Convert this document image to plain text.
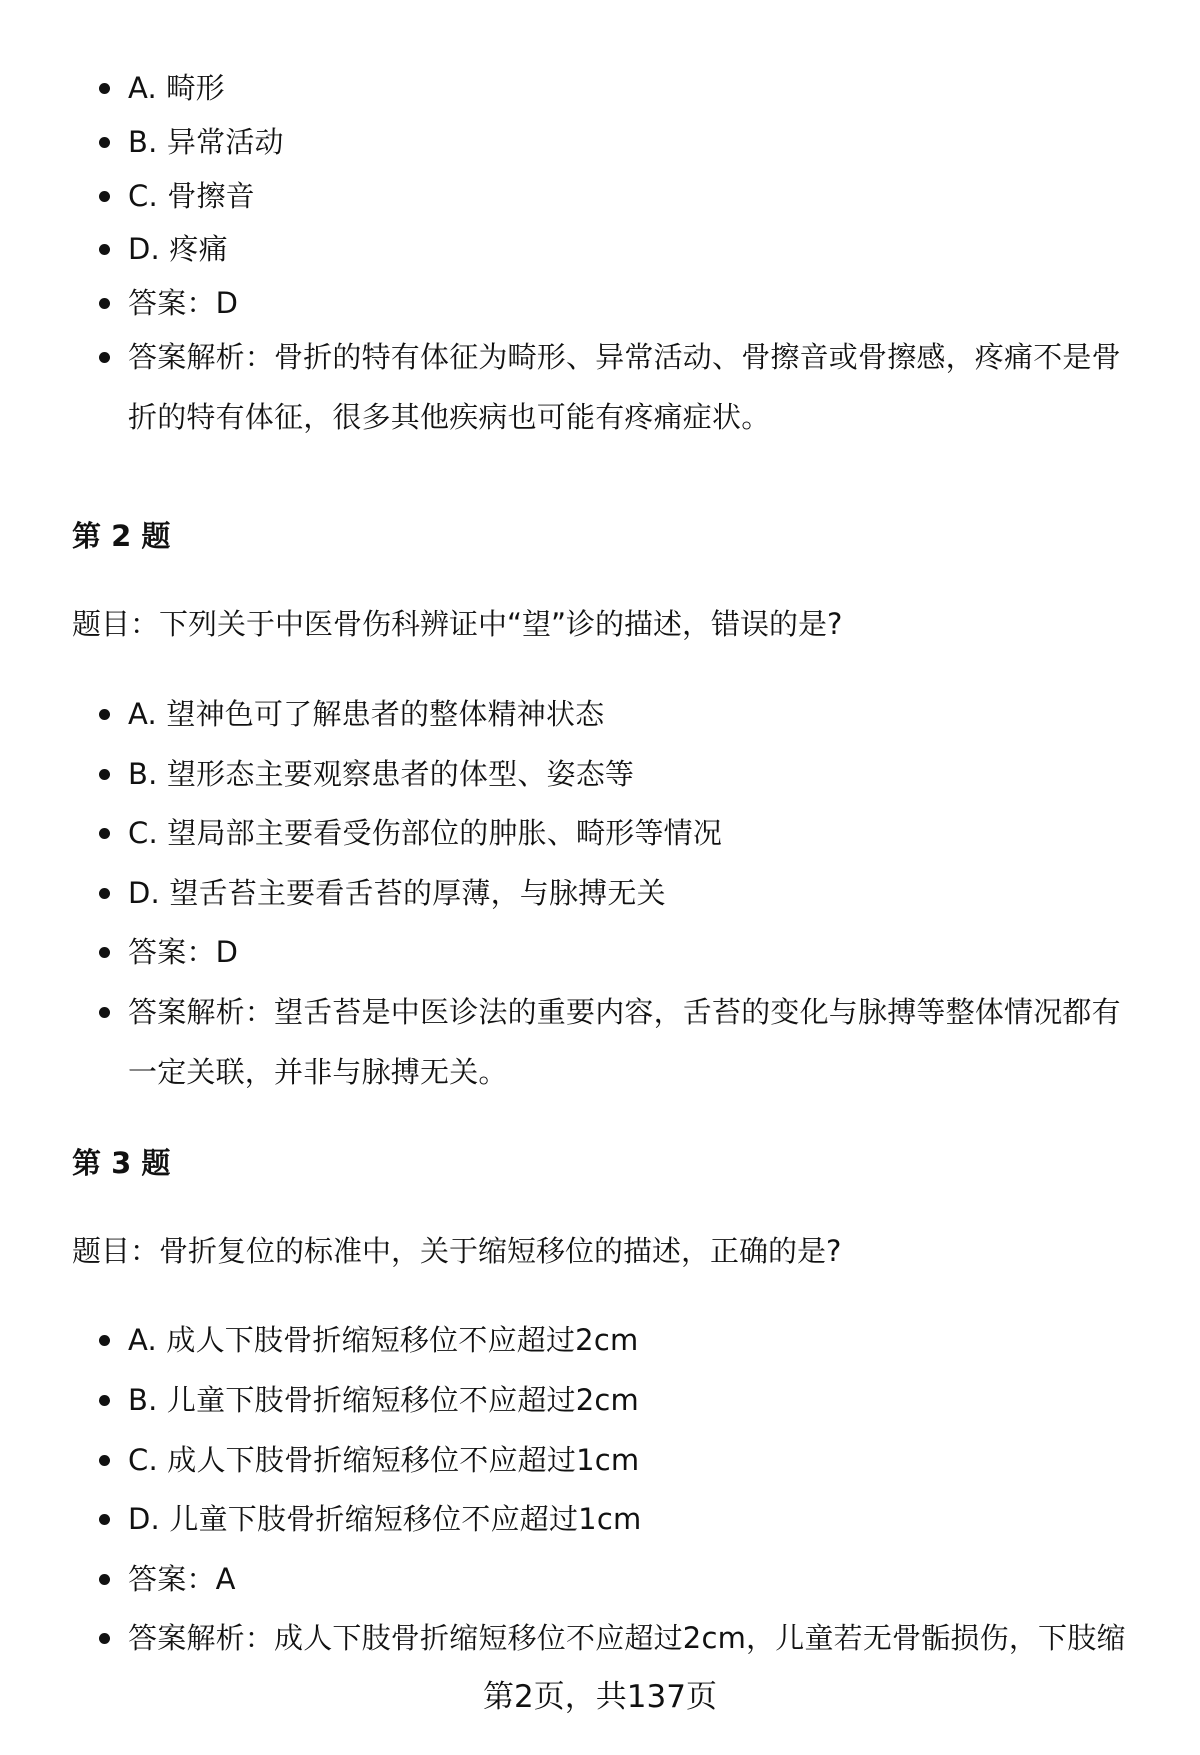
A. 畸形
B. 异常活动
C. 骨擦音
D. 疼痛
答案：D
答案解析：骨折的特有体征为畸形、异常活动、骨擦音或骨擦感，疼痛不是骨折的特有体征，很多其他疾病也可能有疼痛症状。
第 2 题
题目：下列关于中医骨伤科辨证中“望”诊的描述，错误的是?
A. 望神色可了解患者的整体精神状态
B. 望形态主要观察患者的体型、姿态等
C. 望局部主要看受伤部位的肿胀、畸形等情况
D. 望舌苔主要看舌苔的厚薄，与脉搏无关
答案：D
答案解析：望舌苔是中医诊法的重要内容，舌苔的变化与脉搏等整体情况都有一定关联，并非与脉搏无关。
第 3 题
题目：骨折复位的标准中，关于缩短移位的描述，正确的是?
A. 成人下肢骨折缩短移位不应超过2cm
B. 儿童下肢骨折缩短移位不应超过2cm
C. 成人下肢骨折缩短移位不应超过1cm
D. 儿童下肢骨折缩短移位不应超过1cm
答案：A
答案解析：成人下肢骨折缩短移位不应超过2cm，儿童若无骨骺损伤，下肢缩
第2页，共137页
